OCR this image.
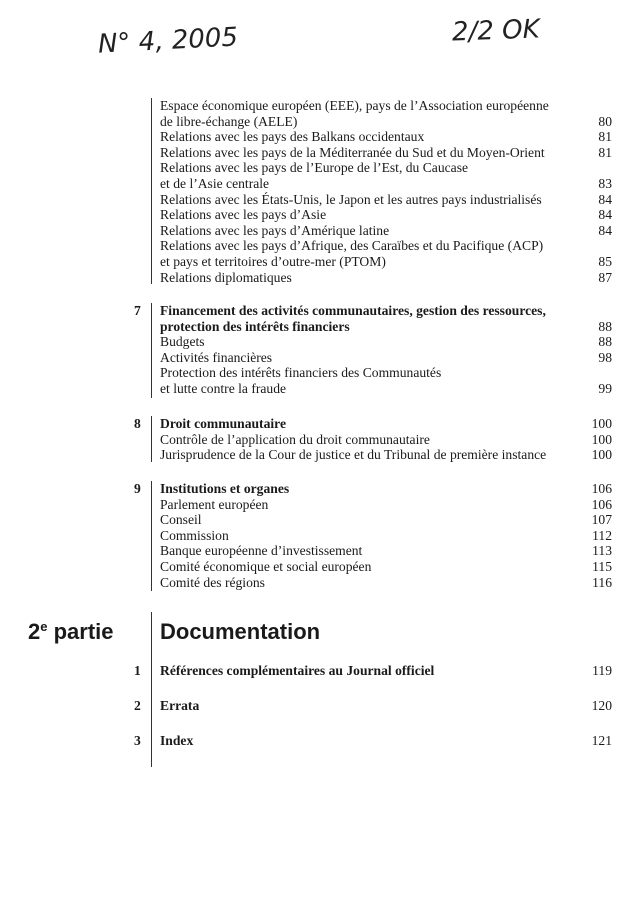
N° 4, 2005	2/2 OK
Espace économique européen (EEE), pays de l’Association européenne
de libre-échange (AELE)	80
Relations avec les pays des Balkans occidentaux	81
Relations avec les pays de la Méditerranée du Sud et du Moyen-Orient	81
Relations avec les pays de l’Europe de l’Est, du Caucase
et de l’Asie centrale	83
Relations avec les États-Unis, le Japon et les autres pays industrialisés	84
Relations avec les pays d’Asie	84
Relations avec les pays d’Amérique latine	84
Relations avec les pays d’Afrique, des Caraïbes et du Pacifique (ACP)
et pays et territoires d’outre-mer (PTOM)	85
Relations diplomatiques	87
7 Financement des activités communautaires, gestion des ressources,
protection des intérêts financiers	88
Budgets	88
Activités financières	98
Protection des intérêts financiers des Communautés
et lutte contre la fraude	99
8 Droit communautaire	100
Contrôle de l’application du droit communautaire	100
Jurisprudence de la Cour de justice et du Tribunal de première instance	100
9 Institutions et organes	106
Parlement européen	106
Conseil	107
Commission	112
Banque européenne d’investissement	113
Comité économique et social européen	115
Comité des régions	116
2e partie Documentation
1 Références complémentaires au Journal officiel	119
2 Errata	120
3 Index	121
